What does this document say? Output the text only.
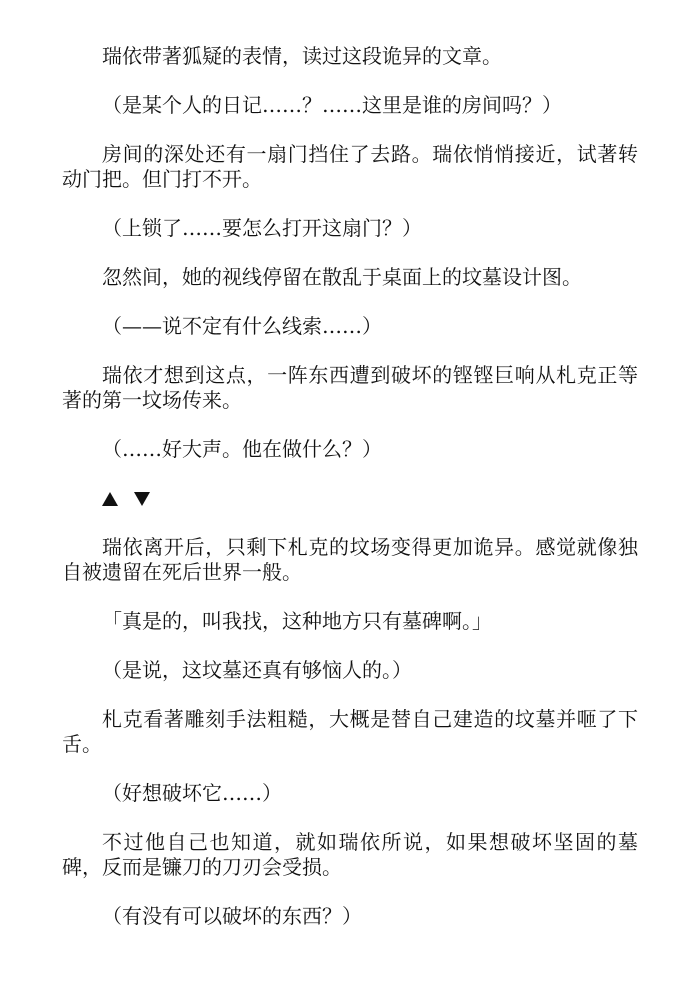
瑞依带著狐疑的表情，读过这段诡异的文章。

（是某个人的日记……？……这里是谁的房间吗？）

房间的深处还有一扇门挡住了去路。瑞依悄悄接近，试著转动门把。但门打不开。

（上锁了……要怎么打开这扇门？）

忽然间，她的视线停留在散乱于桌面上的坟墓设计图。

（——说不定有什么线索……）

瑞依才想到这点，一阵东西遭到破坏的铿铿巨响从札克正等著的第一坟场传来。

（……好大声。他在做什么？）

瑞依离开后，只剩下札克的坟场变得更加诡异。感觉就像独自被遗留在死后世界一般。

「真是的，叫我找，这种地方只有墓碑啊。」

（是说，这坟墓还真有够恼人的。）

札克看著雕刻手法粗糙，大概是替自己建造的坟墓并咂了下舌。

（好想破坏它……）

不过他自己也知道，就如瑞依所说，如果想破坏坚固的墓碑，反而是镰刀的刀刃会受损。

（有没有可以破坏的东西？）
